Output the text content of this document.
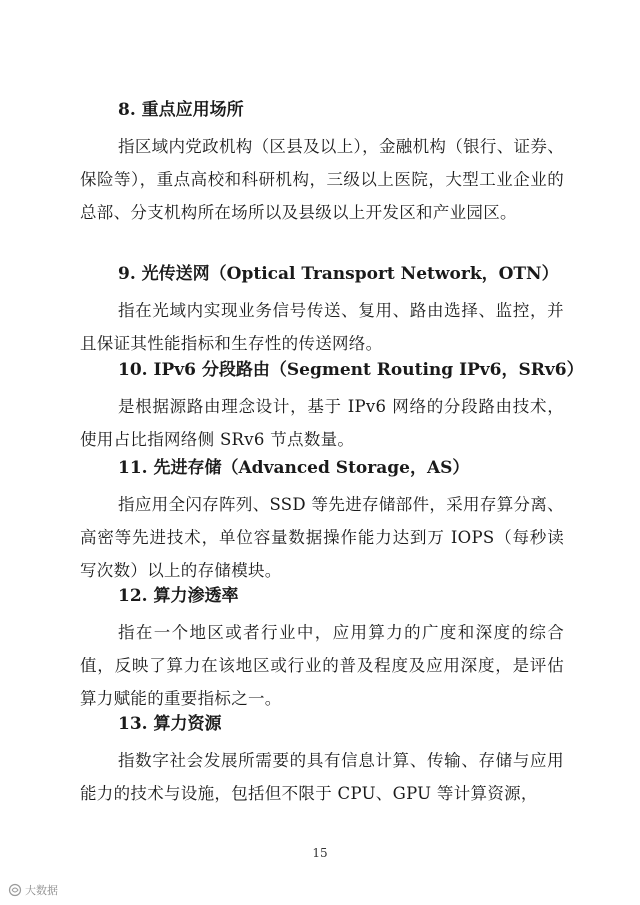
8. 重点应用场所
指区域内党政机构（区县及以上），金融机构（银行、证券、保险等），重点高校和科研机构，三级以上医院，大型工业企业的总部、分支机构所在场所以及县级以上开发区和产业园区。
9. 光传送网（Optical Transport Network，OTN）
指在光域内实现业务信号传送、复用、路由选择、监控，并且保证其性能指标和生存性的传送网络。
10. IPv6 分段路由（Segment Routing IPv6，SRv6）
是根据源路由理念设计，基于 IPv6 网络的分段路由技术，使用占比指网络侧 SRv6 节点数量。
11. 先进存储（Advanced Storage，AS）
指应用全闪存阵列、SSD 等先进存储部件，采用存算分离、高密等先进技术，单位容量数据操作能力达到万 IOPS（每秒读写次数）以上的存储模块。
12. 算力渗透率
指在一个地区或者行业中，应用算力的广度和深度的综合值，反映了算力在该地区或行业的普及程度及应用深度，是评估算力赋能的重要指标之一。
13. 算力资源
指数字社会发展所需要的具有信息计算、传输、存储与应用能力的技术与设施，包括但不限于 CPU、GPU 等计算资源，
15
大数据
